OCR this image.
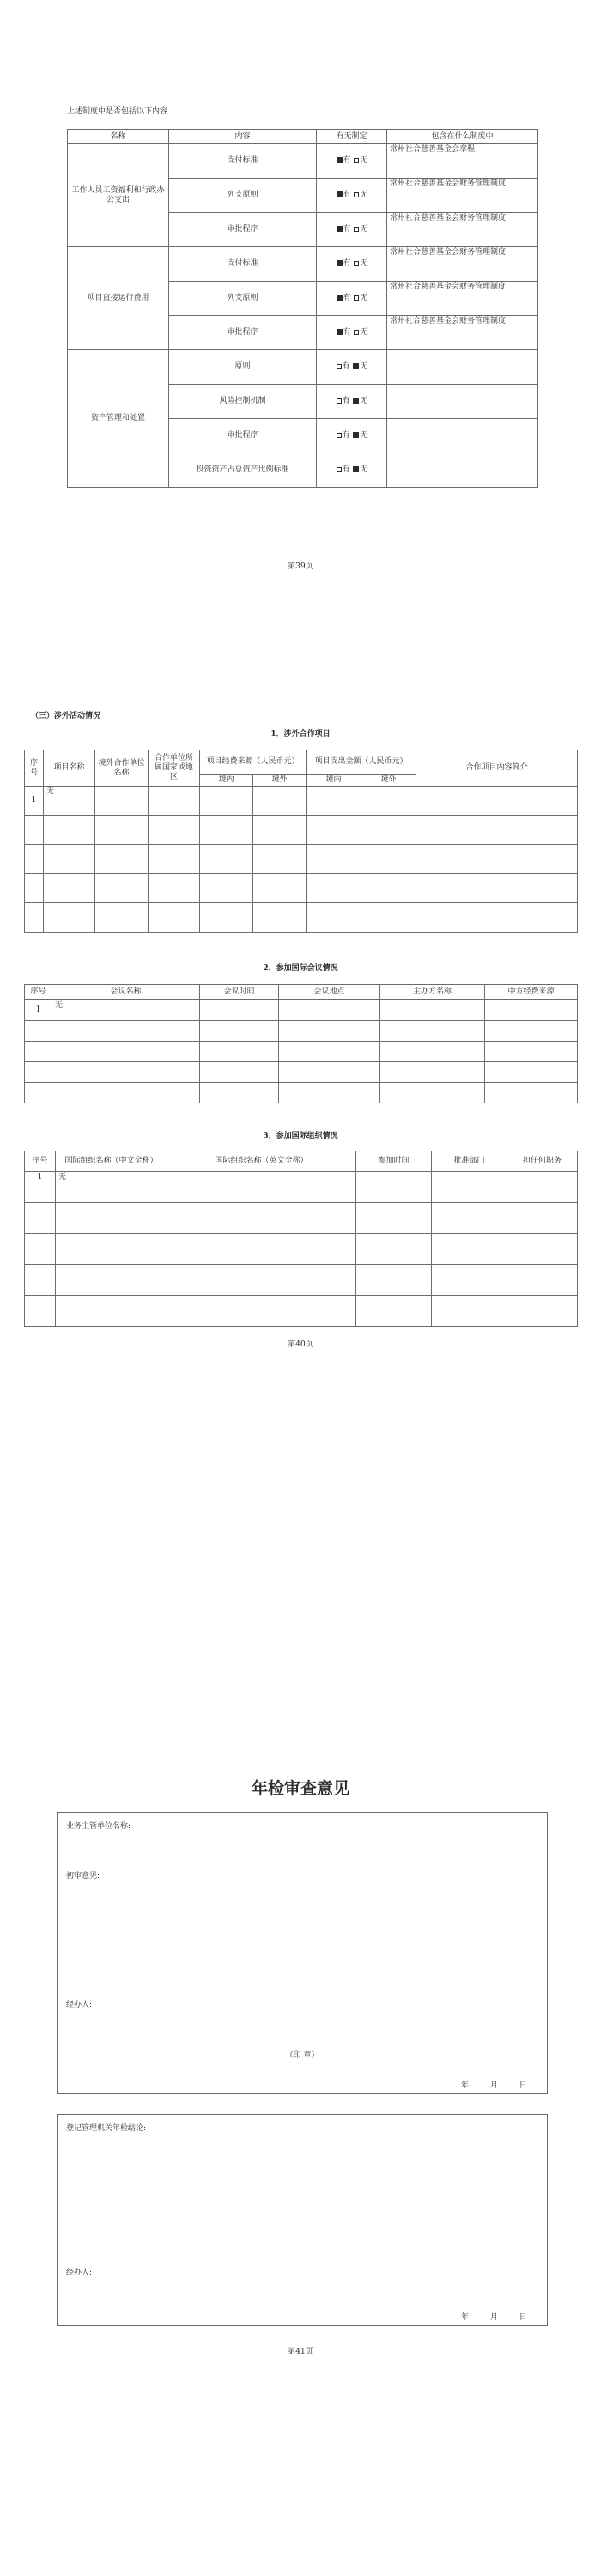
上述制度中是否包括以下内容
名称	内容	有无制定	包含在什么制度中
工作人员工资福利和行政办公支出	支付标准	有 无	常州社合慈善基金会章程
	列支原则	有 无	常州社合慈善基金会财务管理制度
	审批程序	有 无	常州社合慈善基金会财务管理制度
项目直接运行费用	支付标准	有 无	常州社合慈善基金会财务管理制度
	列支原则	有 无	常州社合慈善基金会财务管理制度
	审批程序	有 无	常州社合慈善基金会财务管理制度
资产管理和处置	原则	有 无	
	风险控制机制	有 无	
	审批程序	有 无	
	投资资产占总资产比例标准	有 无	
第39页
（三）涉外活动情况
1．涉外合作项目
序号	项目名称	境外合作单位名称	合作单位所属国家或地区	项目经费来源（人民币元）		项目支出金额（人民币元）		合作项目内容简介
				境内	境外	境内	境外	
1	无							

2．参加国际会议情况
序号	会议名称	会议时间	会议地点	主办方名称	中方经费来源
1	无				

3．参加国际组织情况
序号	国际组织名称（中文全称）	国际组织名称（英文全称）	参加时间	批准部门	担任何职务
1	无				

第40页
年检审查意见
业务主管单位名称:
初审意见:
经办人:
（印 章）
年 月 日
登记管理机关年检结论:
经办人:
年 月 日
第41页
